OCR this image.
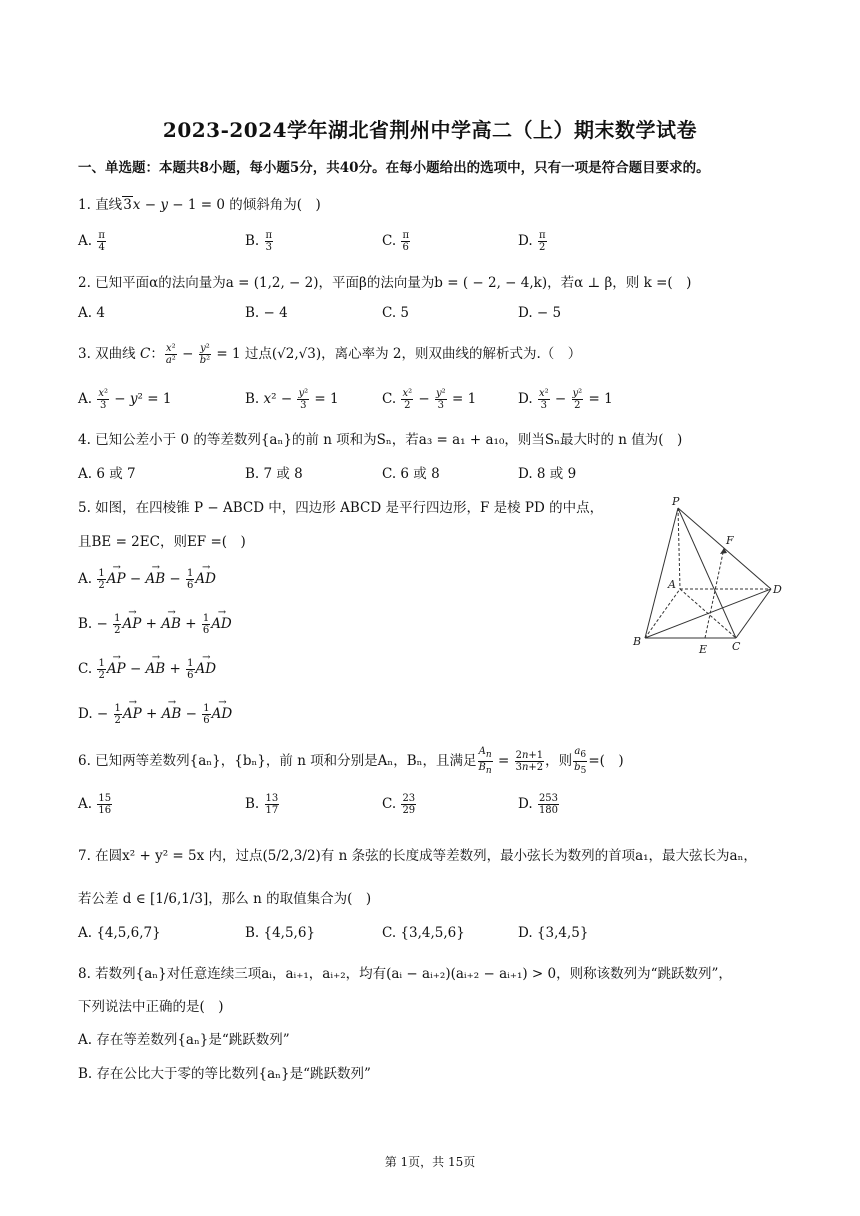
2023-2024学年湖北省荆州中学高二（上）期末数学试卷
一、单选题：本题共8小题，每小题5分，共40分。在每小题给出的选项中，只有一项是符合题目要求的。
1. 直线3x − y − 1 = 0 的倾斜角为(　)
A. $\frac{\pi}{4}$	B. $\frac{\pi}{3}$	C. $\frac{\pi}{6}$	D. $\frac{\pi}{2}$
2. 已知平面α的法向量为a = (1,2, − 2)，平面β的法向量为b = ( − 2, − 4,k)，若α ⊥ β，则 k =(　)
A. 4	B. − 4	C. 5	D. − 5
3. 双曲线 C： $\frac{\text{x²}}{\text{a²}} - \frac{\text{y²}}{\text{b²}} = 1$ 过点(√2,√3)，离心率为 2，则双曲线的解析式为.（　）
A. $\frac{\text{x²}}{3} - y^2 = 1$	B. $x^2 - \frac{\text{y²}}{3} = 1$	C. $\frac{\text{x²}}{2} - \frac{\text{y²}}{3} = 1$	D. $\frac{\text{x²}}{3} - \frac{\text{y²}}{2} = 1$
4. 已知公差小于 0 的等差数列{aₙ}的前 n 项和为Sₙ，若a₃ = a₁ + a₁₀，则当Sₙ最大时的 n 值为(　)
A. 6 或 7	B. 7 或 8	C. 6 或 8	D. 8 或 9
5. 如图，在四棱锥 P − ABCD 中，四边形 ABCD 是平行四边形，F 是棱 PD 的中点，
且BE = 2EC，则EF =(　)
A. $\frac{1}{2}$ → AP − → AB − $\frac{1}{6}$ → AD
B. − $\frac{1}{2}$ → AP + → AB + $\frac{1}{6}$ → AD
C. $\frac{1}{2}$ → AP − → AB + $\frac{1}{6}$ → AD
D. − $\frac{1}{2}$ → AP + → AB − $\frac{1}{6}$ → AD
P
F
A	D
B
E C
6. 已知两等差数列{aₙ}，{bₙ}，前 n 项和分别是Aₙ，Bₙ，且满足 $\frac{A_n}{B_n} = \frac{2n+1}{3n+2}$ ，则 $\frac{a_6}{b_5}$ =(　)
A. $\frac{15}{16}$	B. $\frac{13}{17}$	C. $\frac{23}{29}$	D. $\frac{253}{180}$
7. 在圆x² + y² = 5x 内，过点(5/2,3/2)有 n 条弦的长度成等差数列，最小弦长为数列的首项a₁，最大弦长为aₙ，
若公差 d ∈ [1/6,1/3]，那么 n 的取值集合为(　)
A. {4,5,6,7}	B. {4,5,6}	C. {3,4,5,6}	D. {3,4,5}
8. 若数列{aₙ}对任意连续三项aᵢ，aᵢ₊₁，aᵢ₊₂，均有(aᵢ − aᵢ₊₂)(aᵢ₊₂ − aᵢ₊₁) > 0，则称该数列为“跳跃数列”，
下列说法中正确的是(　)
A. 存在等差数列{aₙ}是“跳跃数列”
B. 存在公比大于零的等比数列{aₙ}是“跳跃数列”
第 1页，共 15页
